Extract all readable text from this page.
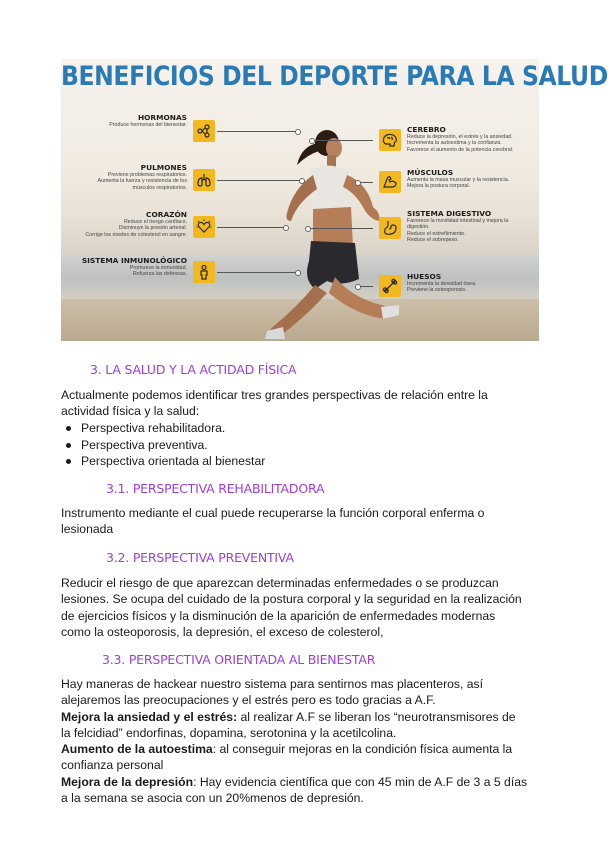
BENEFICIOS DEL DEPORTE PARA LA SALUD
HORMONAS
Produce hormonas del bienestar.
PULMONES
Previene problemas respiratorios.
Aumenta la fuerza y resistencia de los
músculos respiratorios.
CORAZÓN
Reduce el riesgo cardíaco.
Disminuye la presión arterial.
Corrige los niveles de colesterol en sangre.
SISTEMA INMUNOLÓGICO
Promueve la inmunidad.
Refuerza las defensas.
CEREBRO
Reduce la depresión, el estrés y la ansiedad.
Incrementa la autoestima y la confianza.
Favorece el aumento de la potencia cerebral.
MÚSCULOS
Aumenta la masa muscular y la resistencia.
Mejora la postura corporal.
SISTEMA DIGESTIVO
Favorece la movilidad intestinal y mejora la
digestión.
Reduce el estreñimiento.
Reduce el sobrepeso.
HUESOS
Incrementa la densidad ósea.
Previene la osteoporosis.
3. LA SALUD Y LA ACTIDAD FÍSICA

Actualmente podemos identificar tres grandes perspectivas de relación entre la
actividad física y la salud:

Perspectiva rehabilitadora.
Perspectiva preventiva.
Perspectiva orientada al bienestar
3.1. PERSPECTIVA REHABILITADORA

Instrumento mediante el cual puede recuperarse la función corporal enferma o
lesionada

3.2. PERSPECTIVA PREVENTIVA

Reducir el riesgo de que aparezcan determinadas enfermedades o se produzcan
lesiones. Se ocupa del cuidado de la postura corporal y la seguridad en la realización
de ejercicios físicos y la disminución de la aparición de enfermedades modernas
como la osteoporosis, la depresión, el exceso de colesterol,

3.3. PERSPECTIVA ORIENTADA AL BIENESTAR

Hay maneras de hackear nuestro sistema para sentirnos mas placenteros, así
alejaremos las preocupaciones y el estrés pero es todo gracias a A.F.
Mejora la ansiedad y el estrés: al realizar A.F se liberan los “neurotransmisores de
la felcidiad” endorfinas, dopamina, serotonina y la acetilcolina.
Aumento de la autoestima: al conseguir mejoras en la condición física aumenta la
confianza personal
Mejora de la depresión: Hay evidencia científica que con 45 min de A.F de 3 a 5 días
a la semana se asocia con un 20%menos de depresión.
